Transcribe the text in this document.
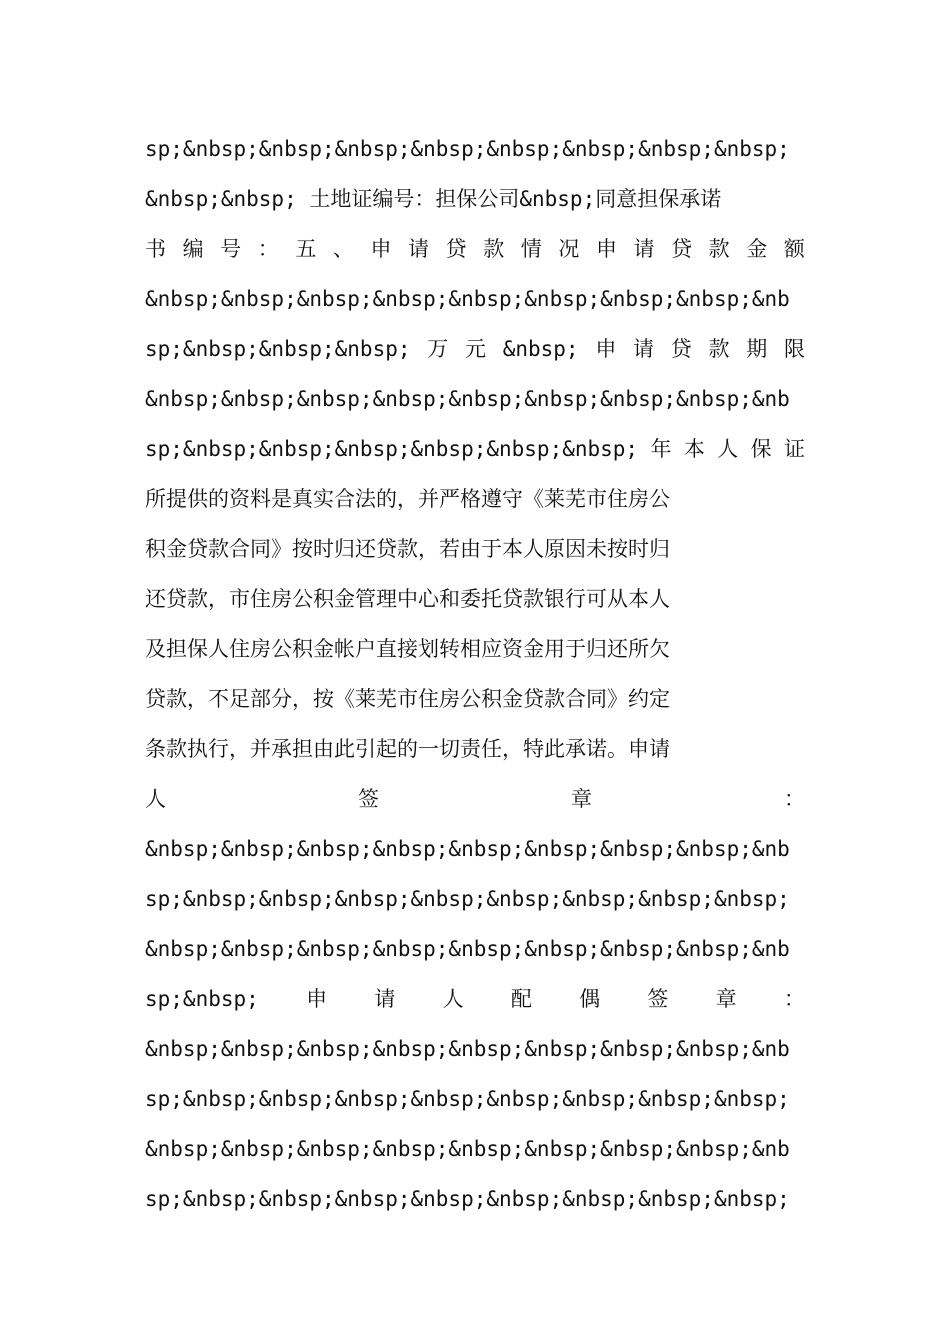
sp;&nbsp;&nbsp;&nbsp;&nbsp;&nbsp;&nbsp;&nbsp;&nbsp;
&nbsp;&nbsp; 土地证编号：担保公司&nbsp;同意担保承诺
书 编 号 ： 五 、 申 请 贷 款 情 况 申 请 贷 款 金 额
&nbsp;&nbsp;&nbsp;&nbsp;&nbsp;&nbsp;&nbsp;&nbsp;&nb
sp;&nbsp;&nbsp;&nbsp; 万 元 &nbsp; 申 请 贷 款 期 限
&nbsp;&nbsp;&nbsp;&nbsp;&nbsp;&nbsp;&nbsp;&nbsp;&nb
sp;&nbsp;&nbsp;&nbsp;&nbsp;&nbsp;&nbsp; 年 本 人 保 证
所提供的资料是真实合法的，并严格遵守《莱芜市住房公
积金贷款合同》按时归还贷款，若由于本人原因未按时归
还贷款，市住房公积金管理中心和委托贷款银行可从本人
及担保人住房公积金帐户直接划转相应资金用于归还所欠
贷款，不足部分，按《莱芜市住房公积金贷款合同》约定
条款执行，并承担由此引起的一切责任，特此承诺。申请
人	签	章	：
&nbsp;&nbsp;&nbsp;&nbsp;&nbsp;&nbsp;&nbsp;&nbsp;&nb
sp;&nbsp;&nbsp;&nbsp;&nbsp;&nbsp;&nbsp;&nbsp;&nbsp;
&nbsp;&nbsp;&nbsp;&nbsp;&nbsp;&nbsp;&nbsp;&nbsp;&nb
sp;&nbsp; 申 请 人 配 偶 签 章 ：
&nbsp;&nbsp;&nbsp;&nbsp;&nbsp;&nbsp;&nbsp;&nbsp;&nb
sp;&nbsp;&nbsp;&nbsp;&nbsp;&nbsp;&nbsp;&nbsp;&nbsp;
&nbsp;&nbsp;&nbsp;&nbsp;&nbsp;&nbsp;&nbsp;&nbsp;&nb
sp;&nbsp;&nbsp;&nbsp;&nbsp;&nbsp;&nbsp;&nbsp;&nbsp;
